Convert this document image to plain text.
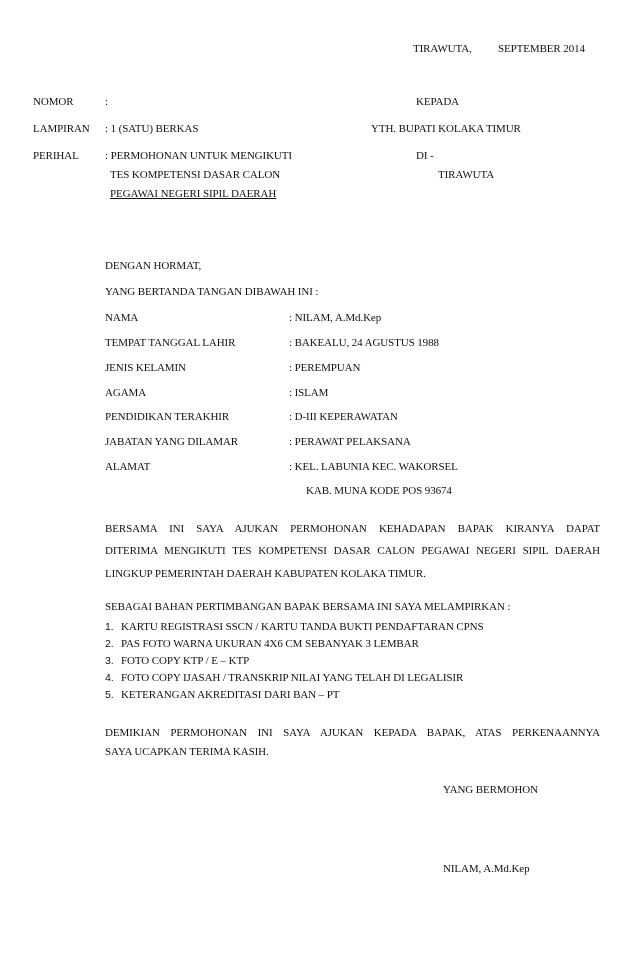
TIRAWUTA, SEPTEMBER 2014
NOMOR	:	KEPADA
LAMPIRAN : 1 (SATU) BERKAS	YTH. BUPATI KOLAKA TIMUR
PERIHAL : PERMOHONAN UNTUK MENGIKUTI	DI -
TES KOMPETENSI DASAR CALON	TIRAWUTA
PEGAWAI NEGERI SIPIL DAERAH
DENGAN HORMAT,
YANG BERTANDA TANGAN DIBAWAH INI :
NAMA	: NILAM, A.Md.Kep
TEMPAT TANGGAL LAHIR	: BAKEALU, 24 AGUSTUS 1988
JENIS KELAMIN	: PEREMPUAN
AGAMA	: ISLAM
PENDIDIKAN TERAKHIR	: D-III KEPERAWATAN
JABATAN YANG DILAMAR	: PERAWAT PELAKSANA
ALAMAT	: KEL. LABUNIA KEC. WAKORSEL
KAB. MUNA KODE POS 93674
BERSAMA INI SAYA AJUKAN PERMOHONAN KEHADAPAN BAPAK KIRANYA DAPAT
DITERIMA MENGIKUTI TES KOMPETENSI DASAR CALON PEGAWAI NEGERI SIPIL DAERAH
LINGKUP PEMERINTAH DAERAH KABUPATEN KOLAKA TIMUR.
SEBAGAI BAHAN PERTIMBANGAN BAPAK BERSAMA INI SAYA MELAMPIRKAN :
1. KARTU REGISTRASI SSCN / KARTU TANDA BUKTI PENDAFTARAN CPNS
2. PAS FOTO WARNA UKURAN 4X6 CM SEBANYAK 3 LEMBAR
3. FOTO COPY KTP / E – KTP
4. FOTO COPY IJASAH / TRANSKRIP NILAI YANG TELAH DI LEGALISIR
5. KETERANGAN AKREDITASI DARI BAN – PT
DEMIKIAN PERMOHONAN INI SAYA AJUKAN KEPADA BAPAK, ATAS PERKENAANNYA
SAYA UCAPKAN TERIMA KASIH.
YANG BERMOHON
NILAM, A.Md.Kep
